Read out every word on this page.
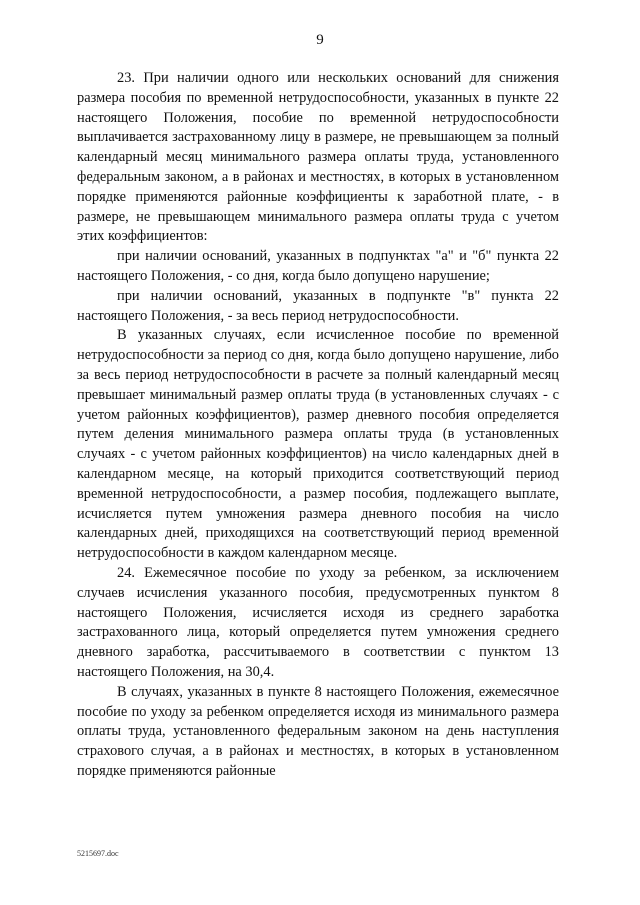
9

23. При наличии одного или нескольких оснований для снижения размера пособия по временной нетрудоспособности, указанных в пункте 22 настоящего Положения, пособие по временной нетрудоспособности выплачивается застрахованному лицу в размере, не превышающем за полный календарный месяц минимального размера оплаты труда, установленного федеральным законом, а в районах и местностях, в которых в установленном порядке применяются районные коэффициенты к заработной плате, - в размере, не превышающем минимального размера оплаты труда с учетом этих коэффициентов:

при наличии оснований, указанных в подпунктах "а" и "б" пункта 22 настоящего Положения, - со дня, когда было допущено нарушение;

при наличии оснований, указанных в подпункте "в" пункта 22 настоящего Положения, - за весь период нетрудоспособности.

В указанных случаях, если исчисленное пособие по временной нетрудоспособности за период со дня, когда было допущено нарушение, либо за весь период нетрудоспособности в расчете за полный календарный месяц превышает минимальный размер оплаты труда (в установленных случаях - с учетом районных коэффициентов), размер дневного пособия определяется путем деления минимального размера оплаты труда (в установленных случаях - с учетом районных коэффициентов) на число календарных дней в календарном месяце, на который приходится соответствующий период временной нетрудоспособности, а размер пособия, подлежащего выплате, исчисляется путем умножения размера дневного пособия на число календарных дней, приходящихся на соответствующий период временной нетрудоспособности в каждом календарном месяце.

24. Ежемесячное пособие по уходу за ребенком, за исключением случаев исчисления указанного пособия, предусмотренных пунктом 8 настоящего Положения, исчисляется исходя из среднего заработка застрахованного лица, который определяется путем умножения среднего дневного заработка, рассчитываемого в соответствии с пунктом 13 настоящего Положения, на 30,4.

В случаях, указанных в пункте 8 настоящего Положения, ежемесячное пособие по уходу за ребенком определяется исходя из минимального размера оплаты труда, установленного федеральным законом на день наступления страхового случая, а в районах и местностях, в которых в установленном порядке применяются районные

5215697.doc
